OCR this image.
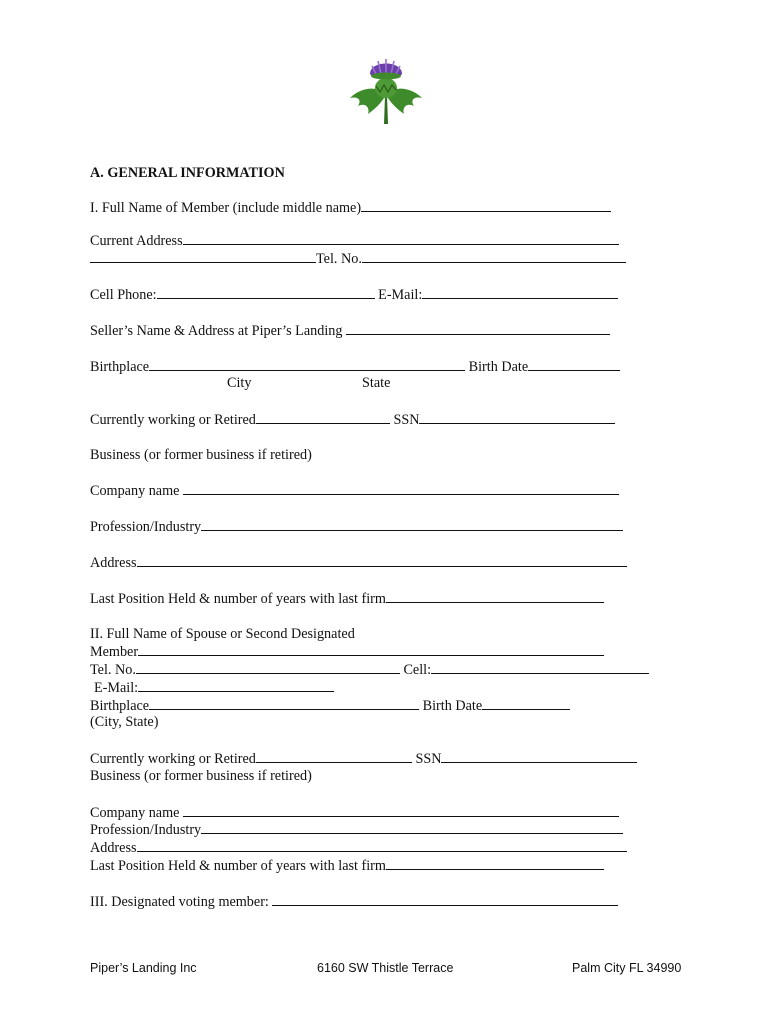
A. GENERAL INFORMATION
I. Full Name of Member (include middle name)
Current Address
Tel. No.
Cell Phone:	E-Mail:
Seller’s Name & Address at Piper’s Landing
Birthplace	Birth Date
City	State
Currently working or Retired	SSN
Business (or former business if retired)
Company name
Profession/Industry
Address
Last Position Held & number of years with last firm
II. Full Name of Spouse or Second Designated
Member
Tel. No.	Cell:
E-Mail:
Birthplace	Birth Date
(City, State)
Currently working or Retired	SSN
Business (or former business if retired)
Company name
Profession/Industry
Address
Last Position Held & number of years with last firm
III. Designated voting member:
Piper’s Landing Inc	6160 SW Thistle Terrace	Palm City FL 34990
